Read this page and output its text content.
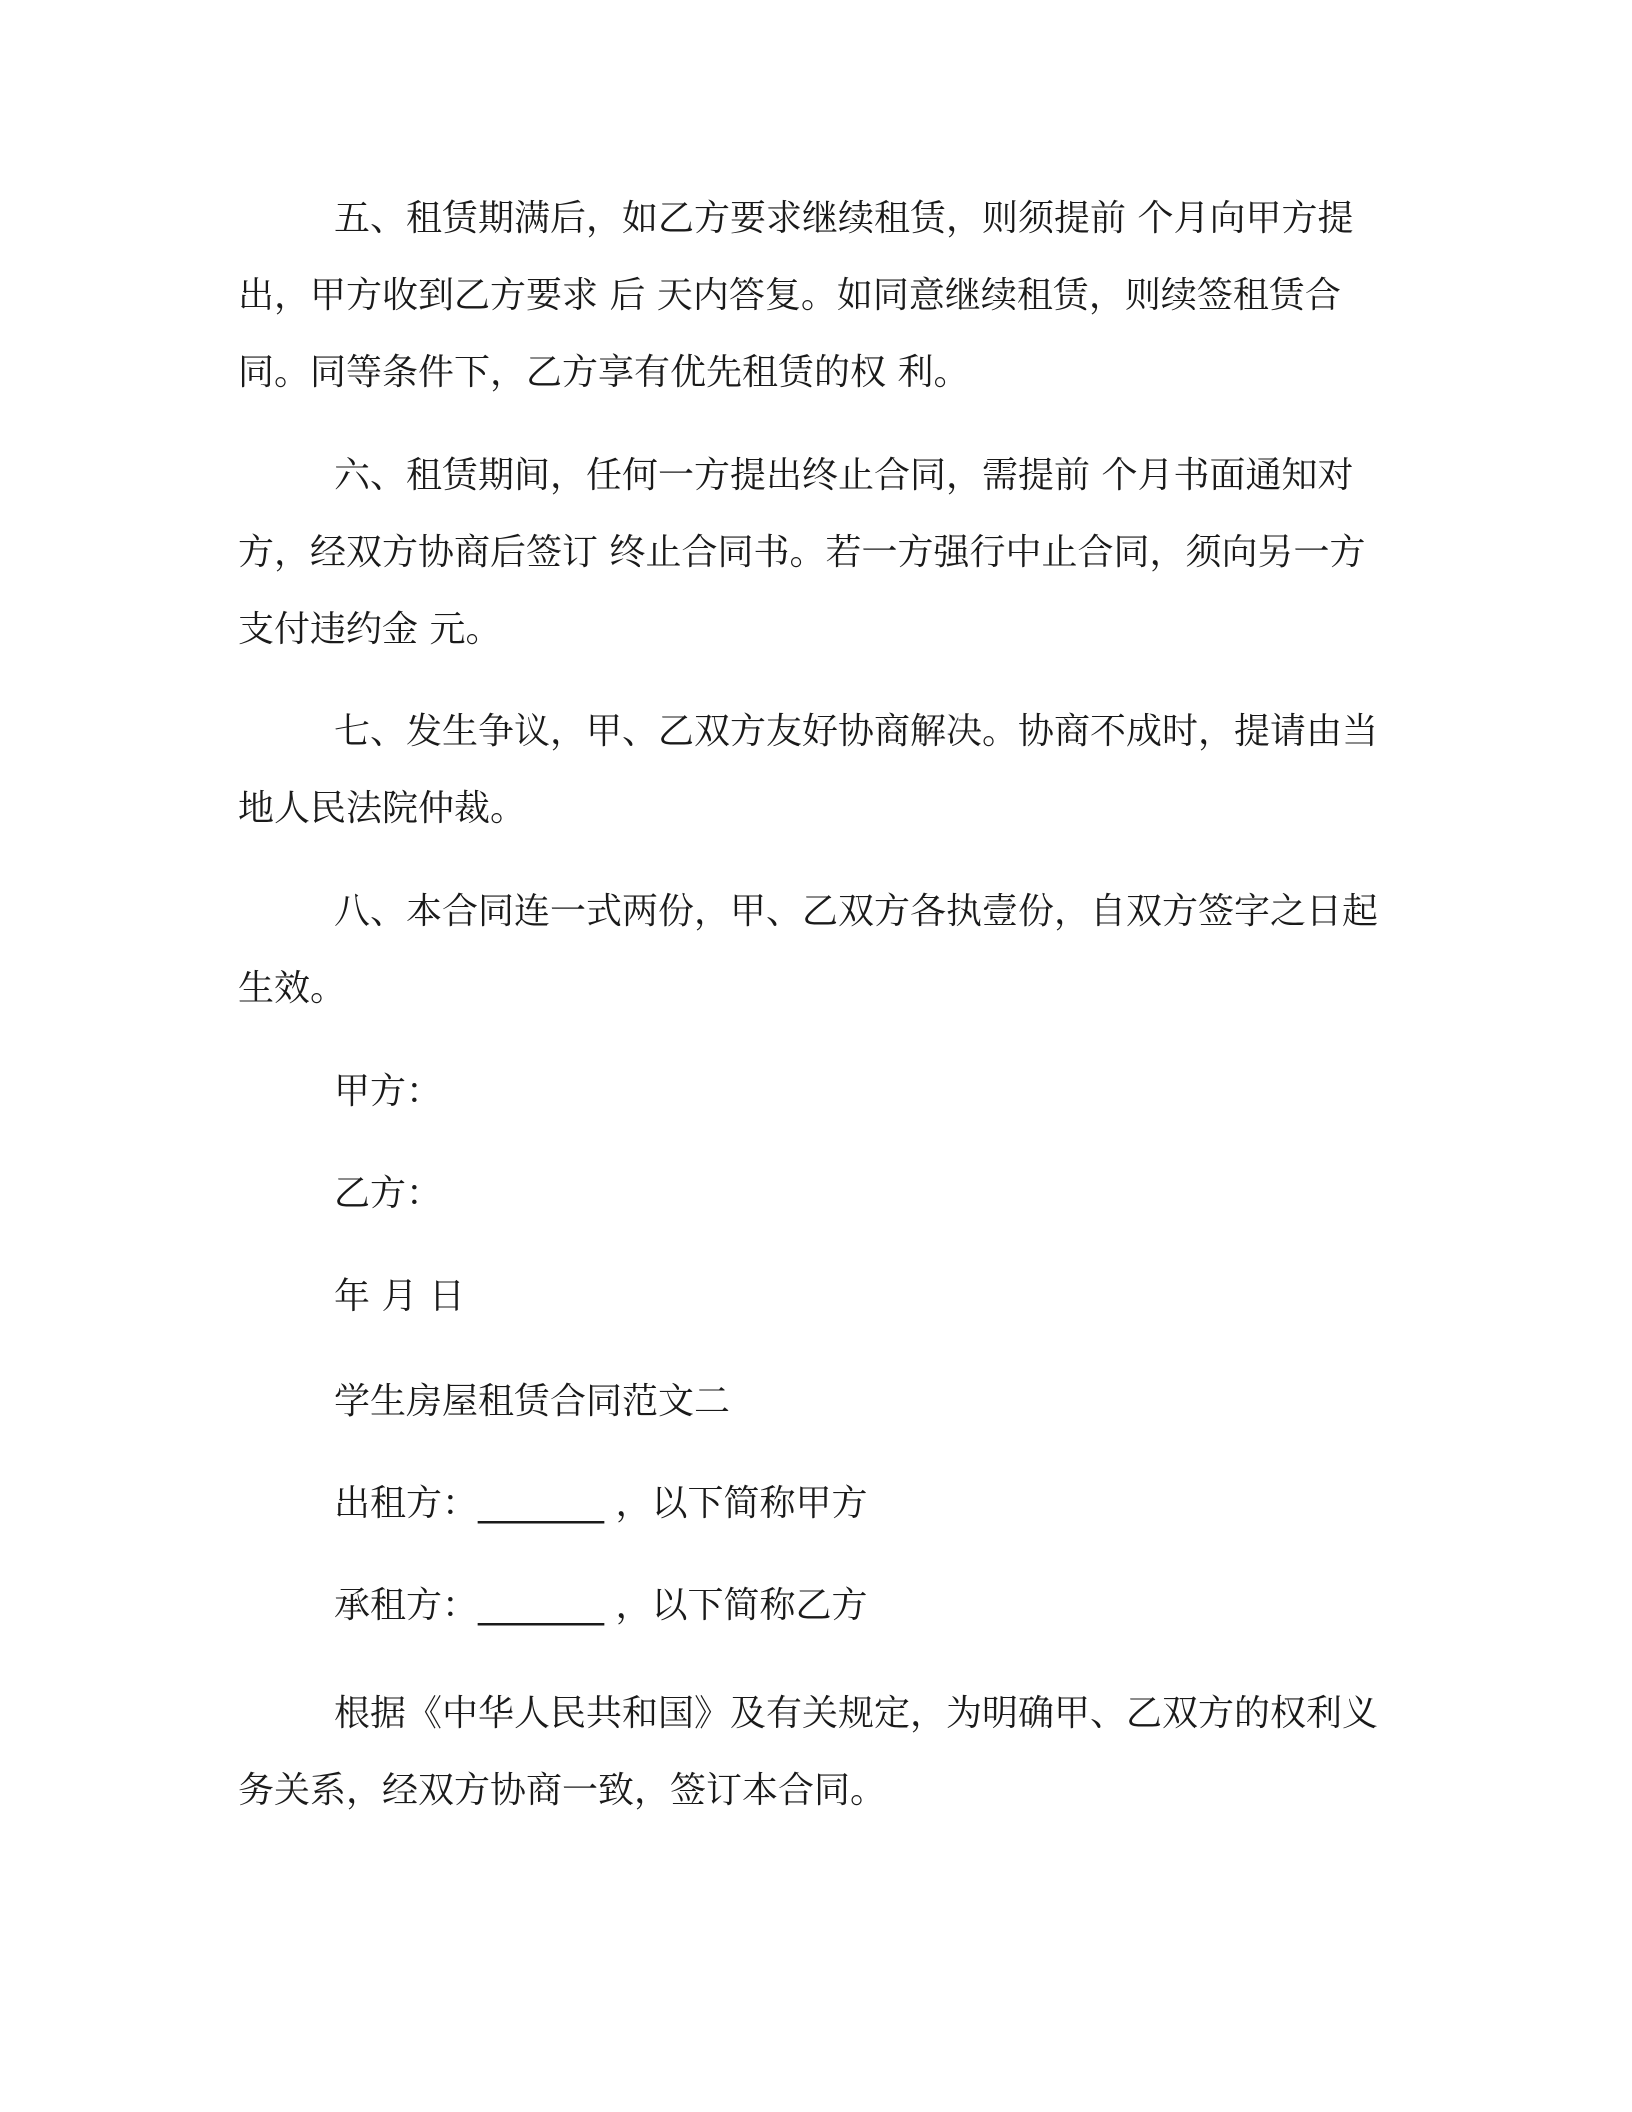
五、租赁期满后，如乙方要求继续租赁，则须提前 个月向甲方提出，甲方收到乙方要求 后 天内答复。如同意继续租赁，则续签租赁合同。同等条件下，乙方享有优先租赁的权 利。

六、租赁期间，任何一方提出终止合同，需提前 个月书面通知对方，经双方协商后签订 终止合同书。若一方强行中止合同，须向另一方支付违约金 元。

七、发生争议，甲、乙双方友好协商解决。协商不成时，提请由当地人民法院仲裁。

八、本合同连一式两份，甲、乙双方各执壹份，自双方签字之日起生效。

甲方：

乙方：

年 月 日

学生房屋租赁合同范文二

出租方：_______ ，以下简称甲方

承租方：_______ ，以下简称乙方

根据《中华人民共和国》及有关规定，为明确甲、乙双方的权利义务关系，经双方协商一致，签订本合同。
